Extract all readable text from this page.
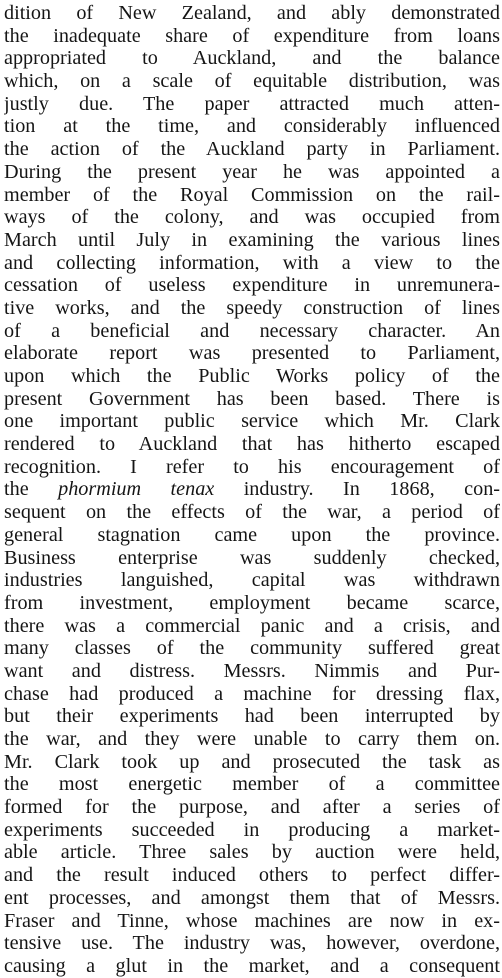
dition of New Zealand, and ably demonstrated
the inadequate share of expenditure from loans
appropriated to Auckland, and the balance
which, on a scale of equitable distribution, was
justly due. The paper attracted much atten-
tion at the time, and considerably influenced
the action of the Auckland party in Parliament.
During the present year he was appointed a
member of the Royal Commission on the rail-
ways of the colony, and was occupied from
March until July in examining the various lines
and collecting information, with a view to the
cessation of useless expenditure in unremunera-
tive works, and the speedy construction of lines
of a beneficial and necessary character. An
elaborate report was presented to Parliament,
upon which the Public Works policy of the
present Government has been based. There is
one important public service which Mr. Clark
rendered to Auckland that has hitherto escaped
recognition. I refer to his encouragement of
the phormium tenax industry. In 1868, con-
sequent on the effects of the war, a period of
general stagnation came upon the province.
Business enterprise was suddenly checked,
industries languished, capital was withdrawn
from investment, employment became scarce,
there was a commercial panic and a crisis, and
many classes of the community suffered great
want and distress. Messrs. Nimmis and Pur-
chase had produced a machine for dressing flax,
but their experiments had been interrupted by
the war, and they were unable to carry them on.
Mr. Clark took up and prosecuted the task as
the most energetic member of a committee
formed for the purpose, and after a series of
experiments succeeded in producing a market-
able article. Three sales by auction were held,
and the result induced others to perfect differ-
ent processes, and amongst them that of Messrs.
Fraser and Tinne, whose machines are now in ex-
tensive use. The industry was, however, overdone,
causing a glut in the market, and a consequent
